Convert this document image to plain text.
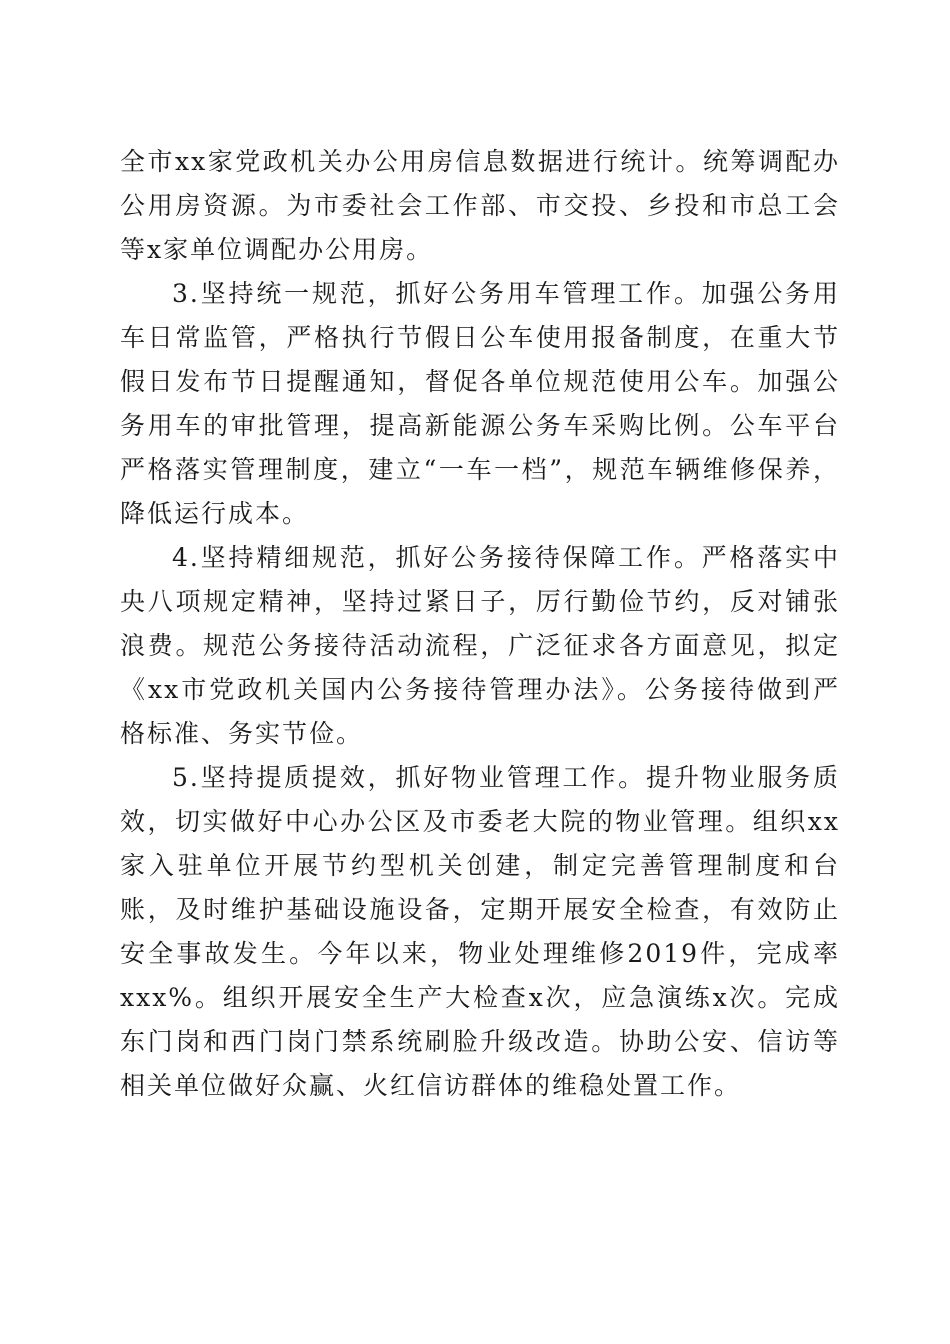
全市xx家党政机关办公用房信息数据进行统计。统筹调配办公用房资源。为市委社会工作部、市交投、乡投和市总工会等x家单位调配办公用房。

3.坚持统一规范，抓好公务用车管理工作。加强公务用车日常监管，严格执行节假日公车使用报备制度，在重大节假日发布节日提醒通知，督促各单位规范使用公车。加强公务用车的审批管理，提高新能源公务车采购比例。公车平台严格落实管理制度，建立“一车一档”，规范车辆维修保养，降低运行成本。

4.坚持精细规范，抓好公务接待保障工作。严格落实中央八项规定精神，坚持过紧日子，厉行勤俭节约，反对铺张浪费。规范公务接待活动流程，广泛征求各方面意见，拟定《xx市党政机关国内公务接待管理办法》。公务接待做到严格标准、务实节俭。

5.坚持提质提效，抓好物业管理工作。提升物业服务质效，切实做好中心办公区及市委老大院的物业管理。组织xx家入驻单位开展节约型机关创建，制定完善管理制度和台账，及时维护基础设施设备，定期开展安全检查，有效防止安全事故发生。今年以来，物业处理维修2019件，完成率xxx%。组织开展安全生产大检查x次，应急演练x次。完成东门岗和西门岗门禁系统刷脸升级改造。协助公安、信访等相关单位做好众赢、火红信访群体的维稳处置工作。
